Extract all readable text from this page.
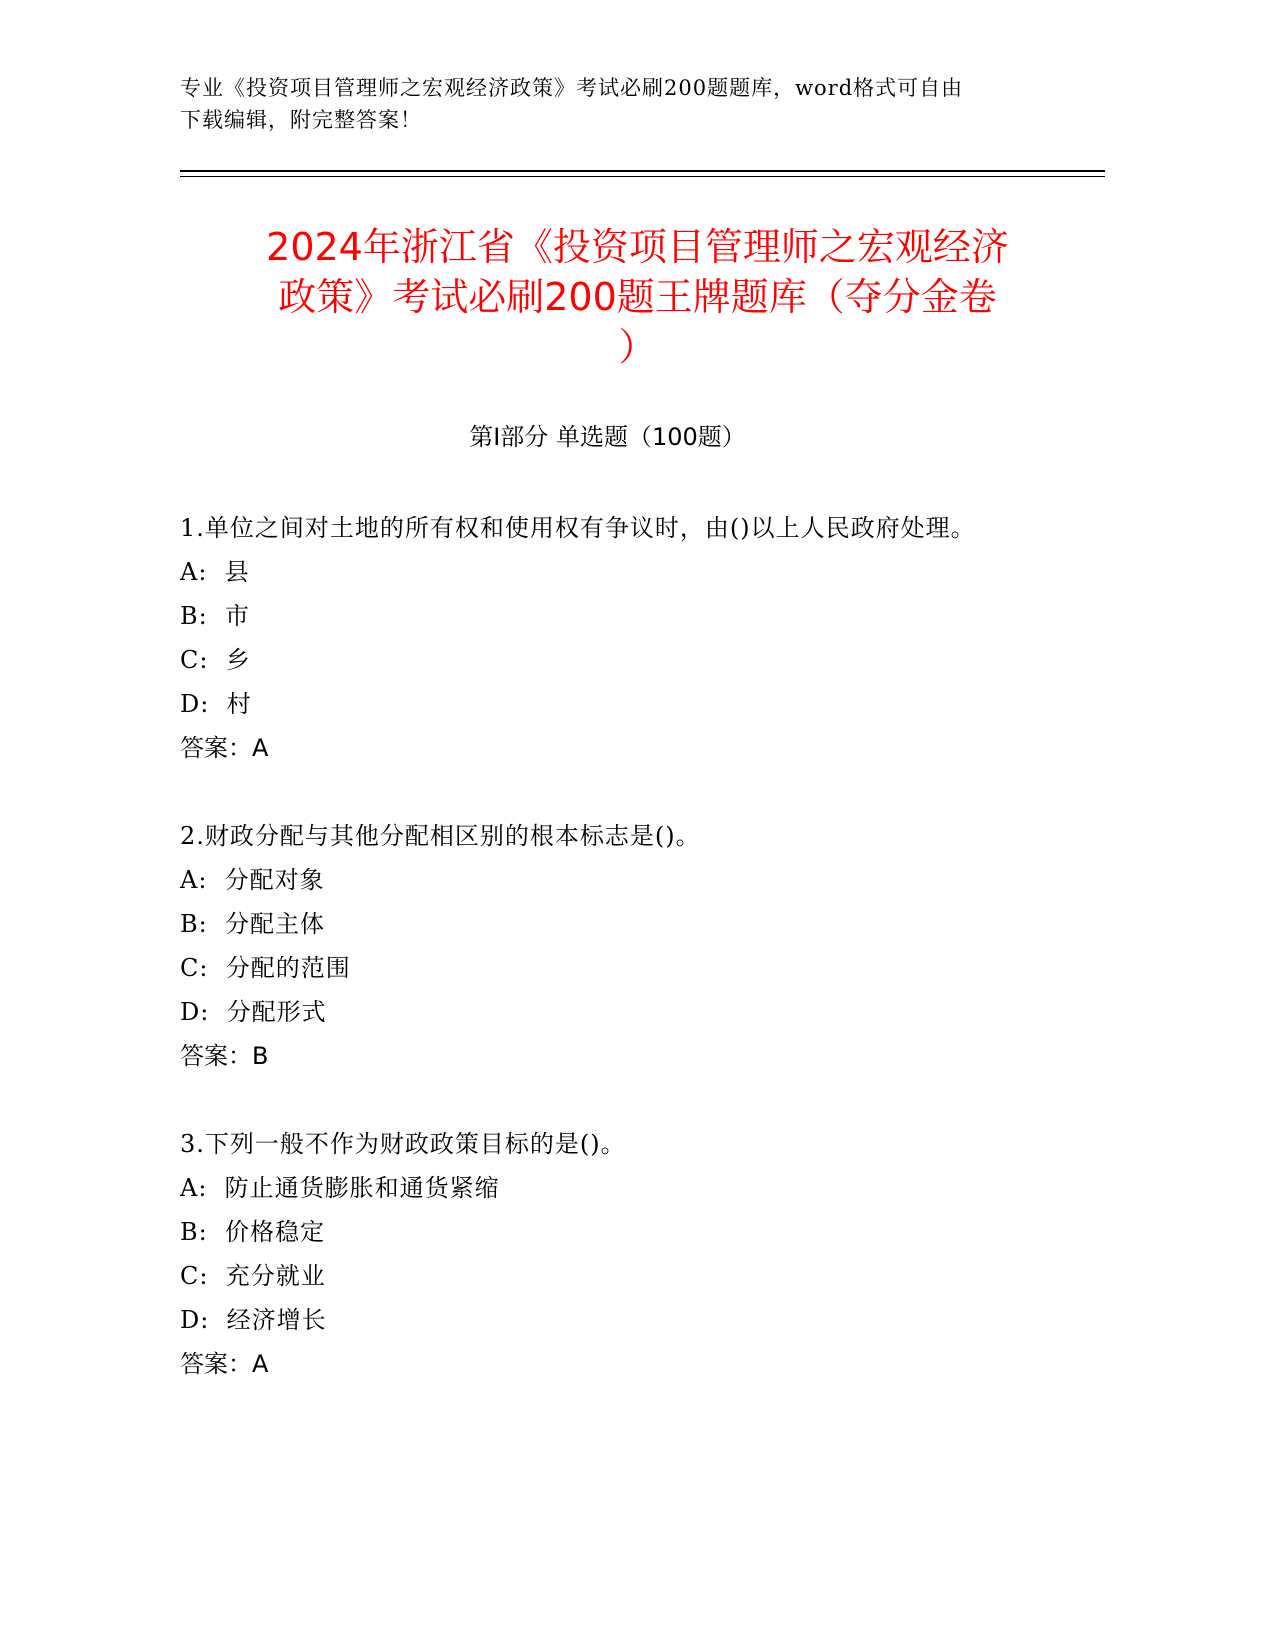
专业《投资项目管理师之宏观经济政策》考试必刷200题题库，word格式可自由
下载编辑，附完整答案！
2024年浙江省《投资项目管理师之宏观经济
政策》考试必刷200题王牌题库（夺分金卷
）
第Ⅰ部分 单选题（100题）
1.单位之间对土地的所有权和使用权有争议时，由()以上人民政府处理。
A:  县
B:  市
C:  乡
D:  村
答案：A
2.财政分配与其他分配相区别的根本标志是()。
A:  分配对象
B:  分配主体
C:  分配的范围
D:  分配形式
答案：B
3.下列一般不作为财政政策目标的是()。
A:  防止通货膨胀和通货紧缩
B:  价格稳定
C:  充分就业
D:  经济增长
答案：A
